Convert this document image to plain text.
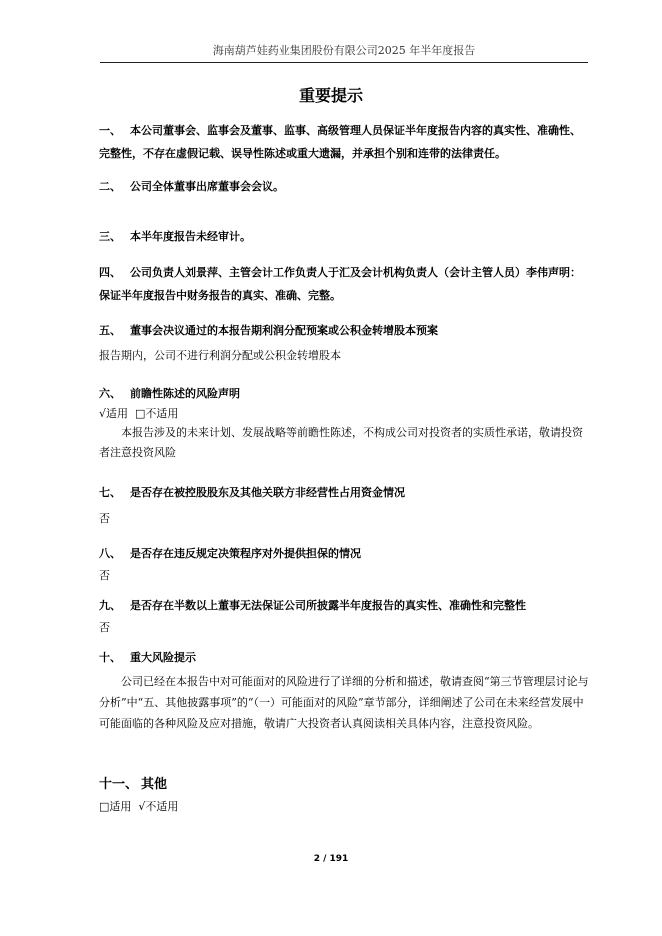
海南葫芦娃药业集团股份有限公司2025 年半年度报告
重要提示
一、 本公司董事会、监事会及董事、监事、高级管理人员保证半年度报告内容的真实性、准确性、完整性，不存在虚假记载、误导性陈述或重大遗漏，并承担个别和连带的法律责任。
二、 公司全体董事出席董事会会议。
三、 本半年度报告未经审计。
四、 公司负责人刘景萍、主管会计工作负责人于汇及会计机构负责人（会计主管人员）李伟声明：保证半年度报告中财务报告的真实、准确、完整。
五、 董事会决议通过的本报告期利润分配预案或公积金转增股本预案
报告期内，公司不进行利润分配或公积金转增股本
六、 前瞻性陈述的风险声明
√适用 □不适用
本报告涉及的未来计划、发展战略等前瞻性陈述，不构成公司对投资者的实质性承诺，敬请投资者注意投资风险
七、 是否存在被控股股东及其他关联方非经营性占用资金情况
否
八、 是否存在违反规定决策程序对外提供担保的情况
否
九、 是否存在半数以上董事无法保证公司所披露半年度报告的真实性、准确性和完整性
否
十、 重大风险提示
公司已经在本报告中对可能面对的风险进行了详细的分析和描述，敬请查阅“第三节管理层讨论与分析”中“五、其他披露事项”的“（一）可能面对的风险”章节部分，详细阐述了公司在未来经营发展中可能面临的各种风险及应对措施，敬请广大投资者认真阅读相关具体内容，注意投资风险。
十一、 其他
□适用 √不适用
2 / 191
